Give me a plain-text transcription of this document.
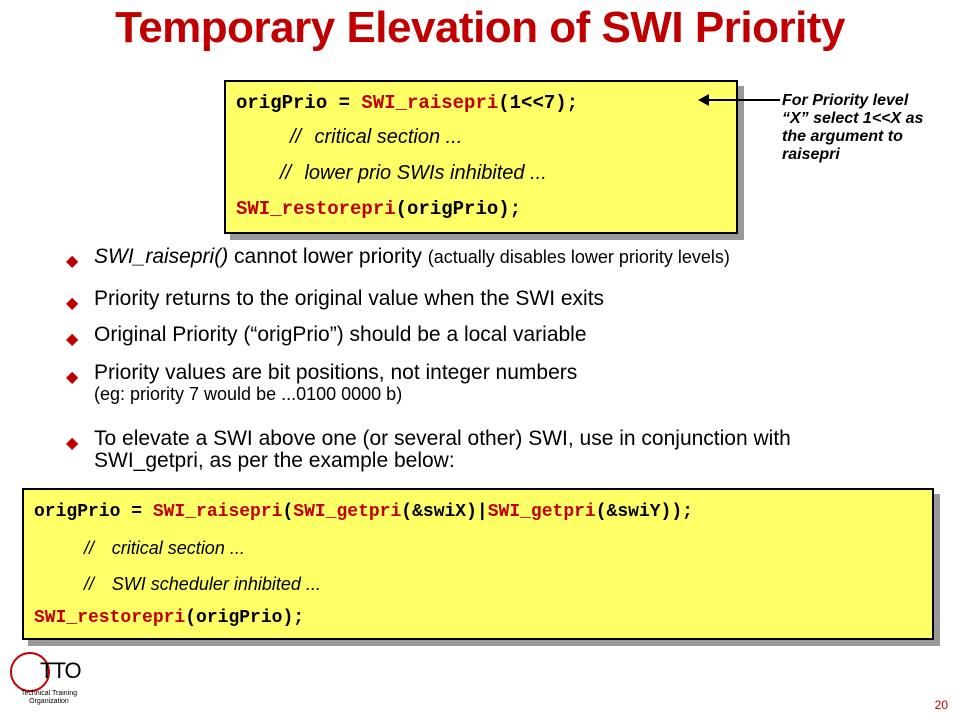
Temporary Elevation of SWI Priority
origPrio = SWI_raisepri(1<<7);
// critical section ...
// lower prio SWIs inhibited ...
SWI_restorepri(origPrio);
For Priority level “X” select 1<<X as the argument to raisepri
◆ SWI_raisepri() cannot lower priority (actually disables lower priority levels)
◆ Priority returns to the original value when the SWI exits
◆ Original Priority (“origPrio”) should be a local variable
◆ Priority values are bit positions, not integer numbers
(eg: priority 7 would be ...0100 0000 b)
◆ To elevate a SWI above one (or several other) SWI, use in conjunction with SWI_getpri, as per the example below:
origPrio = SWI_raisepri(SWI_getpri(&swiX)|SWI_getpri(&swiY));
// critical section ...
// SWI scheduler inhibited ...
SWI_restorepri(origPrio);
TTO
Technical Training
Organization	20
